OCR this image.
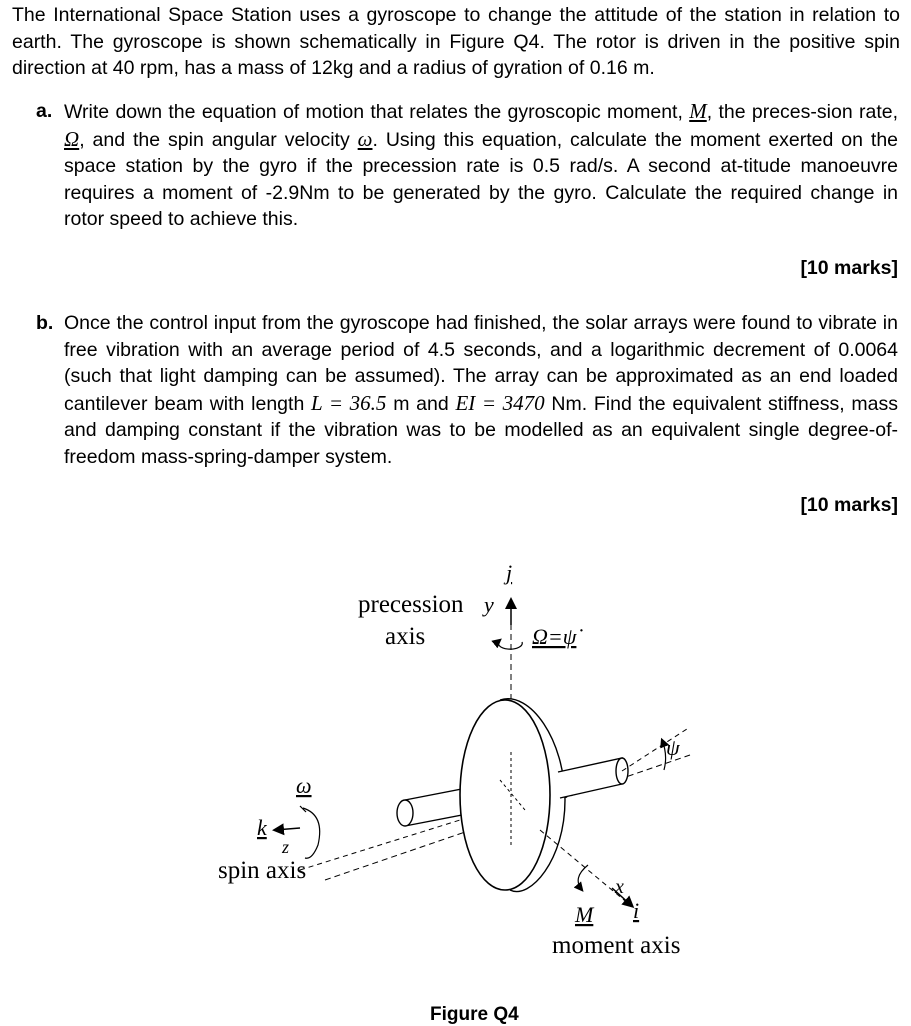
The International Space Station uses a gyroscope to change the attitude of the station in relation to earth. The gyroscope is shown schematically in Figure Q4. The rotor is driven in the positive spin direction at 40 rpm, has a mass of 12kg and a radius of gyration of 0.16 m.
a. Write down the equation of motion that relates the gyroscopic moment, M, the preces-sion rate, Ω, and the spin angular velocity ω. Using this equation, calculate the moment exerted on the space station by the gyro if the precession rate is 0.5 rad/s. A second at-titude manoeuvre requires a moment of -2.9Nm to be generated by the gyro. Calculate the required change in rotor speed to achieve this.
[10 marks]
b. Once the control input from the gyroscope had finished, the solar arrays were found to vibrate in free vibration with an average period of 4.5 seconds, and a logarithmic decrement of 0.0064 (such that light damping can be assumed). The array can be approximated as an end loaded cantilever beam with length L = 36.5 m and EI = 3470 Nm. Find the equivalent stiffness, mass and damping constant if the vibration was to be modelled as an equivalent single degree-of-freedom mass-spring-damper system.
[10 marks]
precession
axis
y
j
Ω=ψ̇
ψ
ω
k
z
spin axis
x
M i
moment axis
Figure Q4
